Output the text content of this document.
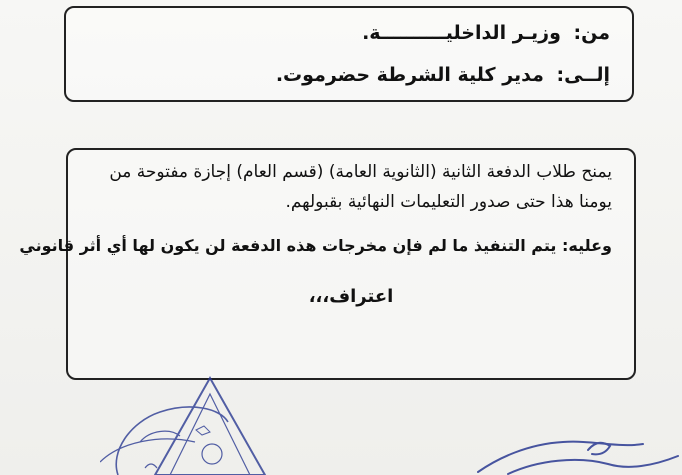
من: وزيـر الداخليــــــــــة.
إلــى: مدير كلية الشرطة حضرموت.
يمنح طلاب الدفعة الثانية (الثانوية العامة) (قسم العام) إجازة مفتوحة من
يومنا هذا حتى صدور التعليمات النهائية بقبولهم.
وعليه: يتم التنفيذ ما لم فإن مخرجات هذه الدفعة لن يكون لها أي أثر قانوني
اعتراف،،،
